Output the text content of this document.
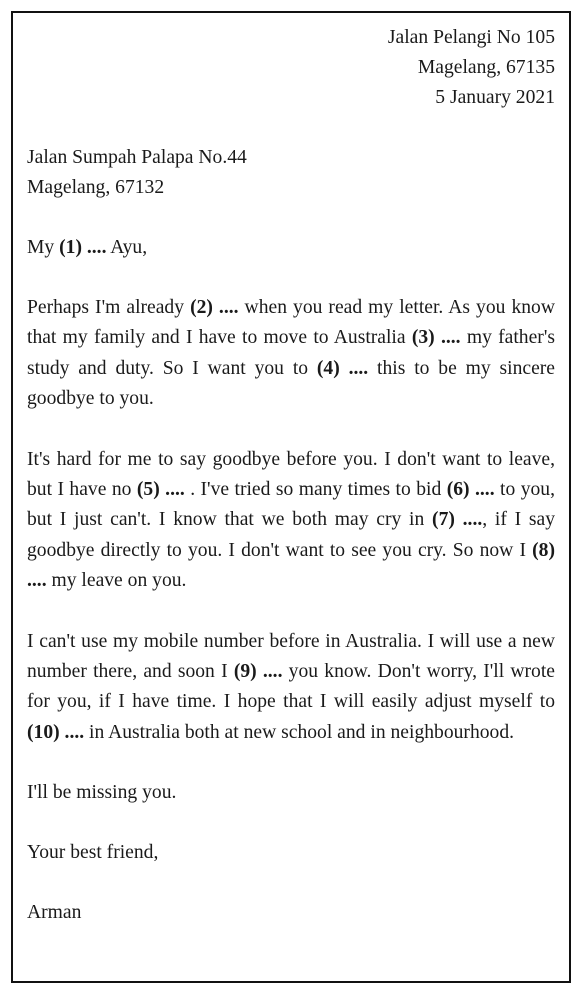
Jalan Pelangi No 105
Magelang, 67135
5 January 2021
Jalan Sumpah Palapa No.44
Magelang, 67132
My (1) .... Ayu,

Perhaps I'm already (2) .... when you read my letter. As you know that my family and I have to move to Australia (3) .... my father's study and duty. So I want you to (4) .... this to be my sincere goodbye to you.

It's hard for me to say goodbye before you. I don't want to leave, but I have no (5) .... . I've tried so many times to bid (6) .... to you, but I just can't. I know that we both may cry in (7) ...., if I say goodbye directly to you. I don't want to see you cry. So now I (8) .... my leave on you.

I can't use my mobile number before in Australia. I will use a new number there, and soon I (9) .... you know. Don't worry, I'll wrote for you, if I have time. I hope that I will easily adjust myself to (10) .... in Australia both at new school and in neighbourhood.

I'll be missing you.
Your best friend,
Arman
